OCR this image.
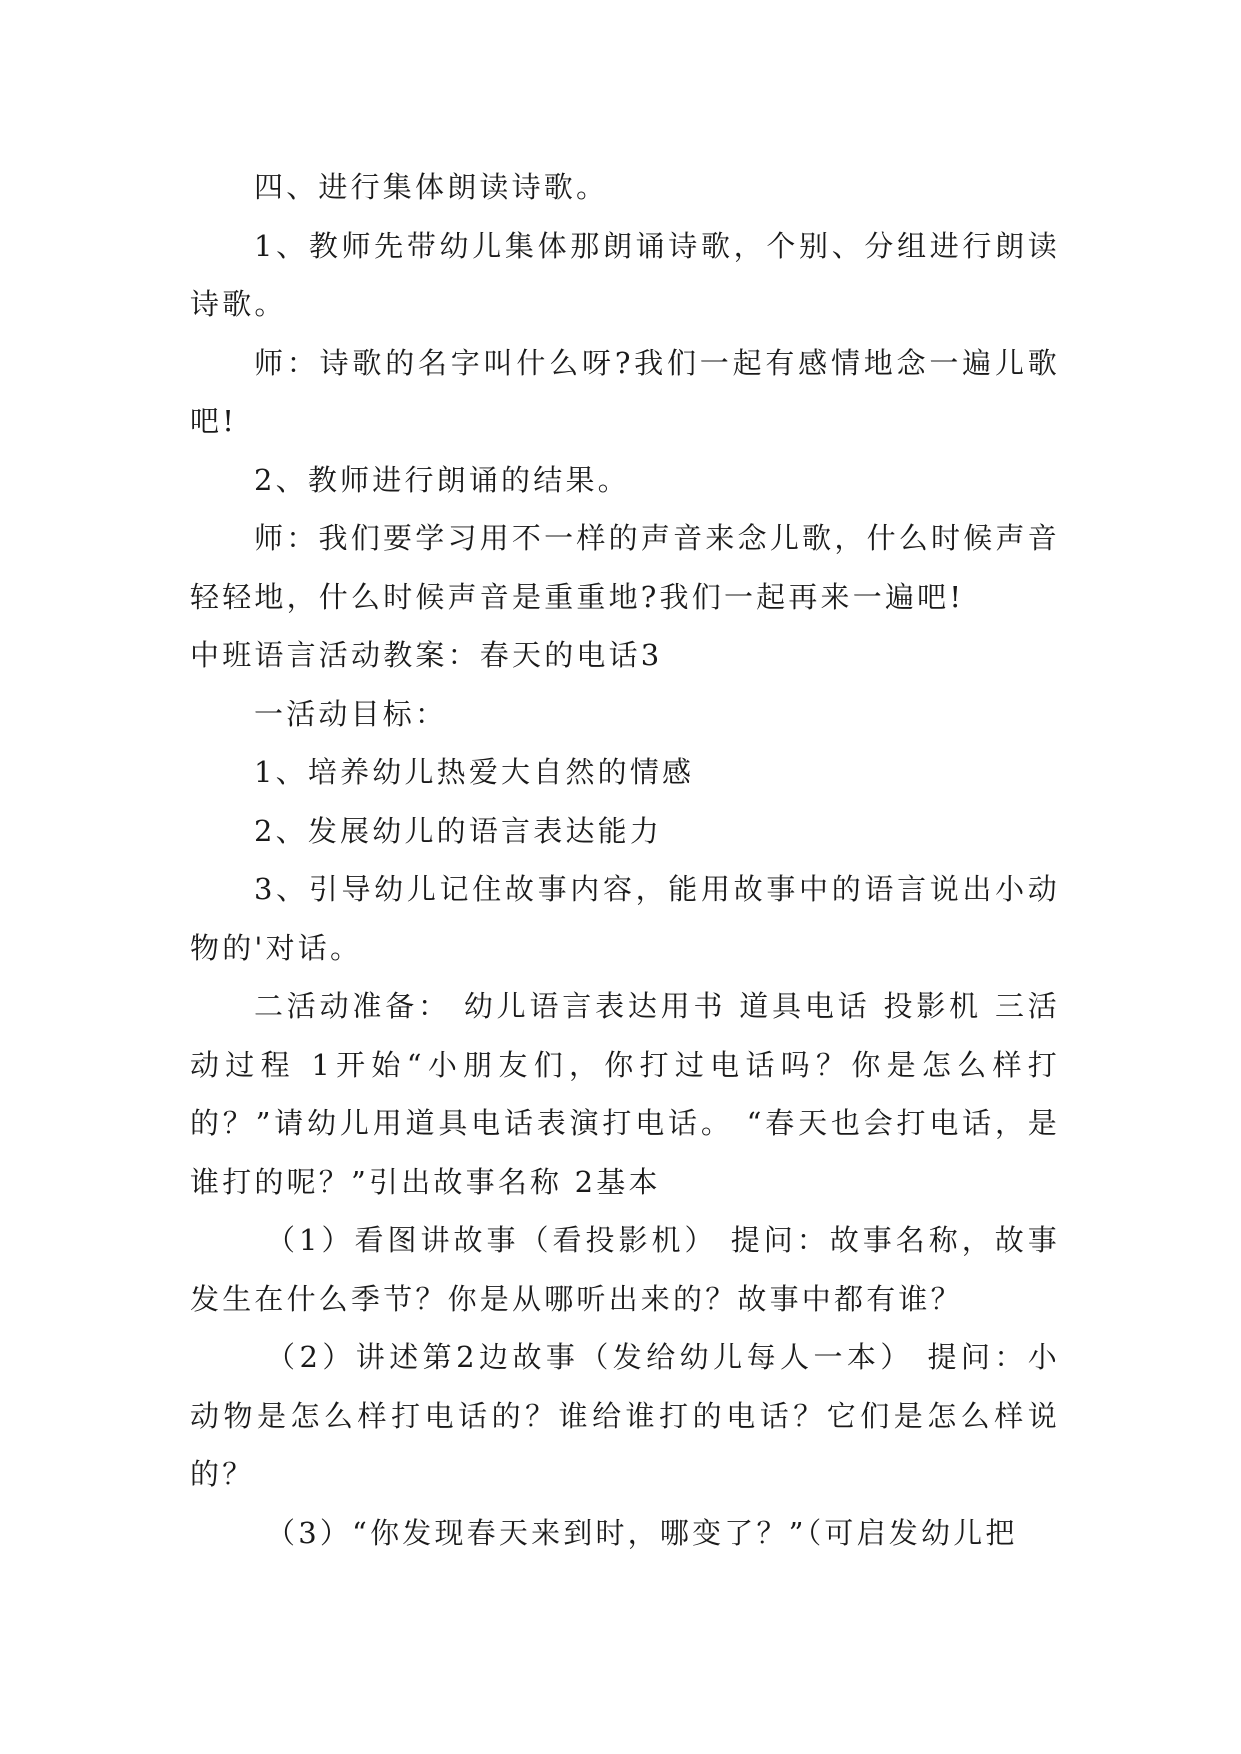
四、进行集体朗读诗歌。

1、教师先带幼儿集体那朗诵诗歌，个别、分组进行朗读诗歌。

师：诗歌的名字叫什么呀?我们一起有感情地念一遍儿歌吧!

2、教师进行朗诵的结果。

师：我们要学习用不一样的声音来念儿歌，什么时候声音轻轻地，什么时候声音是重重地?我们一起再来一遍吧!

中班语言活动教案：春天的电话3

一活动目标：

1、培养幼儿热爱大自然的情感

2、发展幼儿的语言表达能力

3、引导幼儿记住故事内容，能用故事中的语言说出小动物的'对话。

二活动准备： 幼儿语言表达用书 道具电话 投影机 三活动过程 1开始“小朋友们，你打过电话吗？你是怎么样打的？”请幼儿用道具电话表演打电话。 “春天也会打电话，是谁打的呢？”引出故事名称 2基本

（1）看图讲故事（看投影机） 提问：故事名称，故事发生在什么季节？你是从哪听出来的？故事中都有谁？

（2）讲述第2边故事（发给幼儿每人一本） 提问：小动物是怎么样打电话的？谁给谁打的电话？它们是怎么样说的？

（3）“你发现春天来到时，哪变了？”（可启发幼儿把
